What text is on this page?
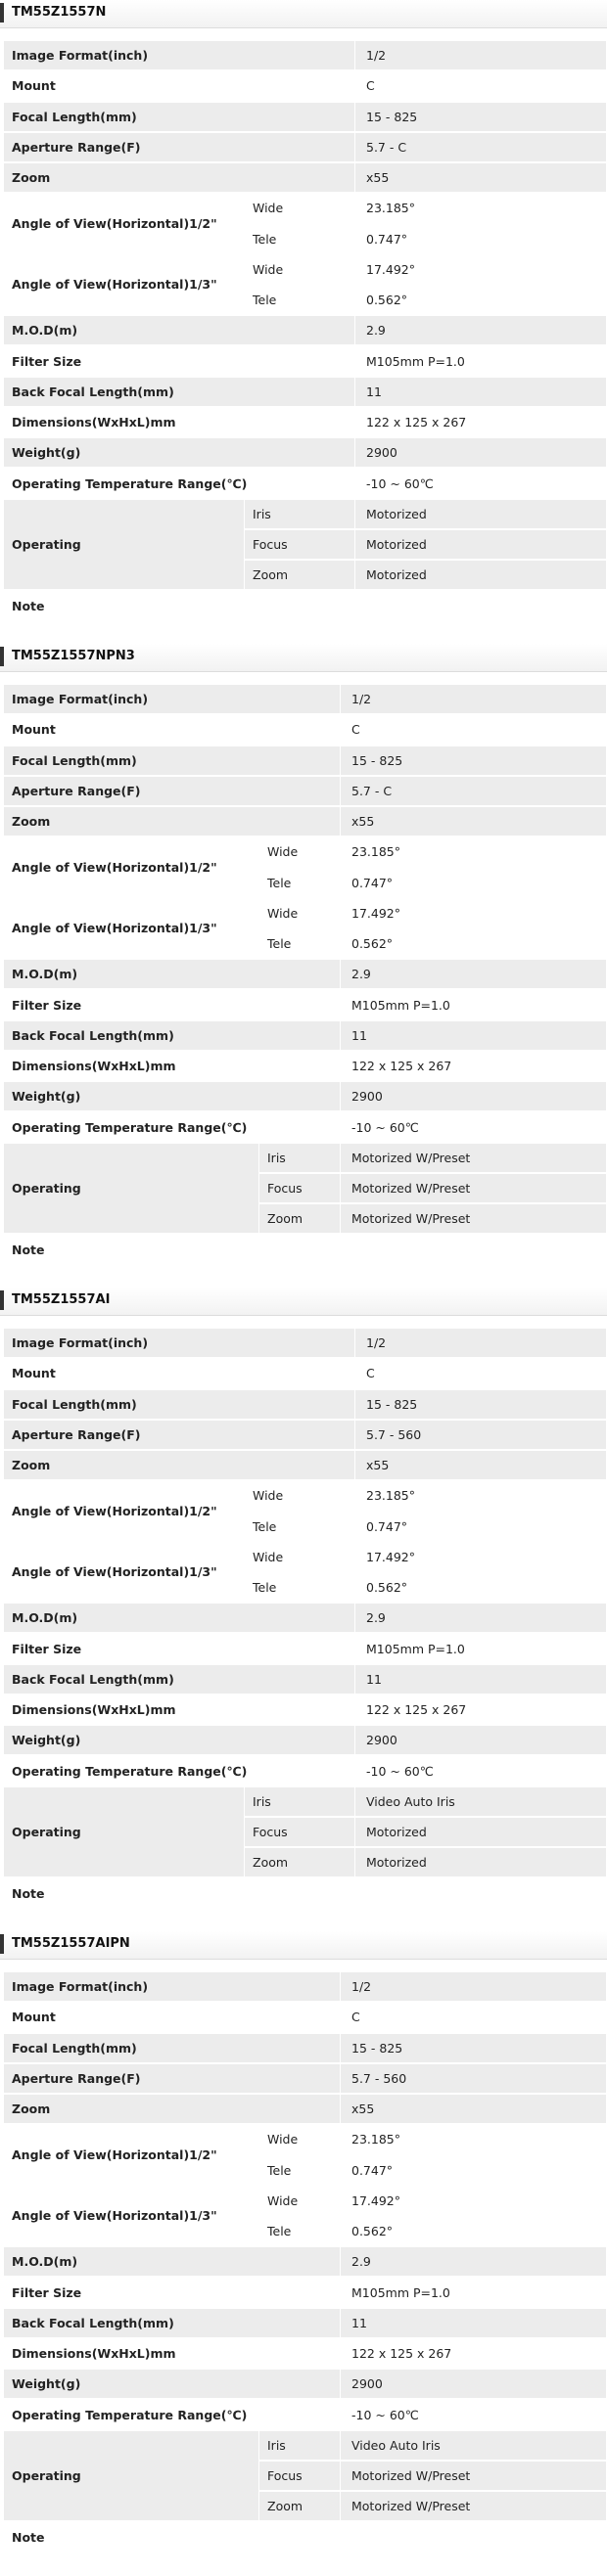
TM55Z1557N
Image Format(inch)	1/2
Mount	C
Focal Length(mm)	15 - 825
Aperture Range(F)	5.7 - C
Zoom	x55
Angle of View(Horizontal)1/2"
Wide	23.185°
Tele	0.747°
Angle of View(Horizontal)1/3"
Wide	17.492°
Tele	0.562°
M.O.D(m)	2.9
Filter Size	M105mm P=1.0
Back Focal Length(mm)	11
Dimensions(WxHxL)mm	122 x 125 x 267
Weight(g)	2900
Operating Temperature Range(℃)	-10 ~ 60℃
Operating
Iris	Motorized
Focus	Motorized
Zoom	Motorized
Note
TM55Z1557NPN3
Image Format(inch)	1/2
Mount	C
Focal Length(mm)	15 - 825
Aperture Range(F)	5.7 - C
Zoom	x55
Angle of View(Horizontal)1/2"
Wide	23.185°
Tele	0.747°
Angle of View(Horizontal)1/3"
Wide	17.492°
Tele	0.562°
M.O.D(m)	2.9
Filter Size	M105mm P=1.0
Back Focal Length(mm)	11
Dimensions(WxHxL)mm	122 x 125 x 267
Weight(g)	2900
Operating Temperature Range(℃)	-10 ~ 60℃
Operating
Iris	Motorized W/Preset
Focus	Motorized W/Preset
Zoom	Motorized W/Preset
Note
TM55Z1557AI
Image Format(inch)	1/2
Mount	C
Focal Length(mm)	15 - 825
Aperture Range(F)	5.7 - 560
Zoom	x55
Angle of View(Horizontal)1/2"
Wide	23.185°
Tele	0.747°
Angle of View(Horizontal)1/3"
Wide	17.492°
Tele	0.562°
M.O.D(m)	2.9
Filter Size	M105mm P=1.0
Back Focal Length(mm)	11
Dimensions(WxHxL)mm	122 x 125 x 267
Weight(g)	2900
Operating Temperature Range(℃)	-10 ~ 60℃
Operating
Iris	Video Auto Iris
Focus	Motorized
Zoom	Motorized
Note
TM55Z1557AIPN
Image Format(inch)	1/2
Mount	C
Focal Length(mm)	15 - 825
Aperture Range(F)	5.7 - 560
Zoom	x55
Angle of View(Horizontal)1/2"
Wide	23.185°
Tele	0.747°
Angle of View(Horizontal)1/3"
Wide	17.492°
Tele	0.562°
M.O.D(m)	2.9
Filter Size	M105mm P=1.0
Back Focal Length(mm)	11
Dimensions(WxHxL)mm	122 x 125 x 267
Weight(g)	2900
Operating Temperature Range(℃)	-10 ~ 60℃
Operating
Iris	Video Auto Iris
Focus	Motorized W/Preset
Zoom	Motorized W/Preset
Note
